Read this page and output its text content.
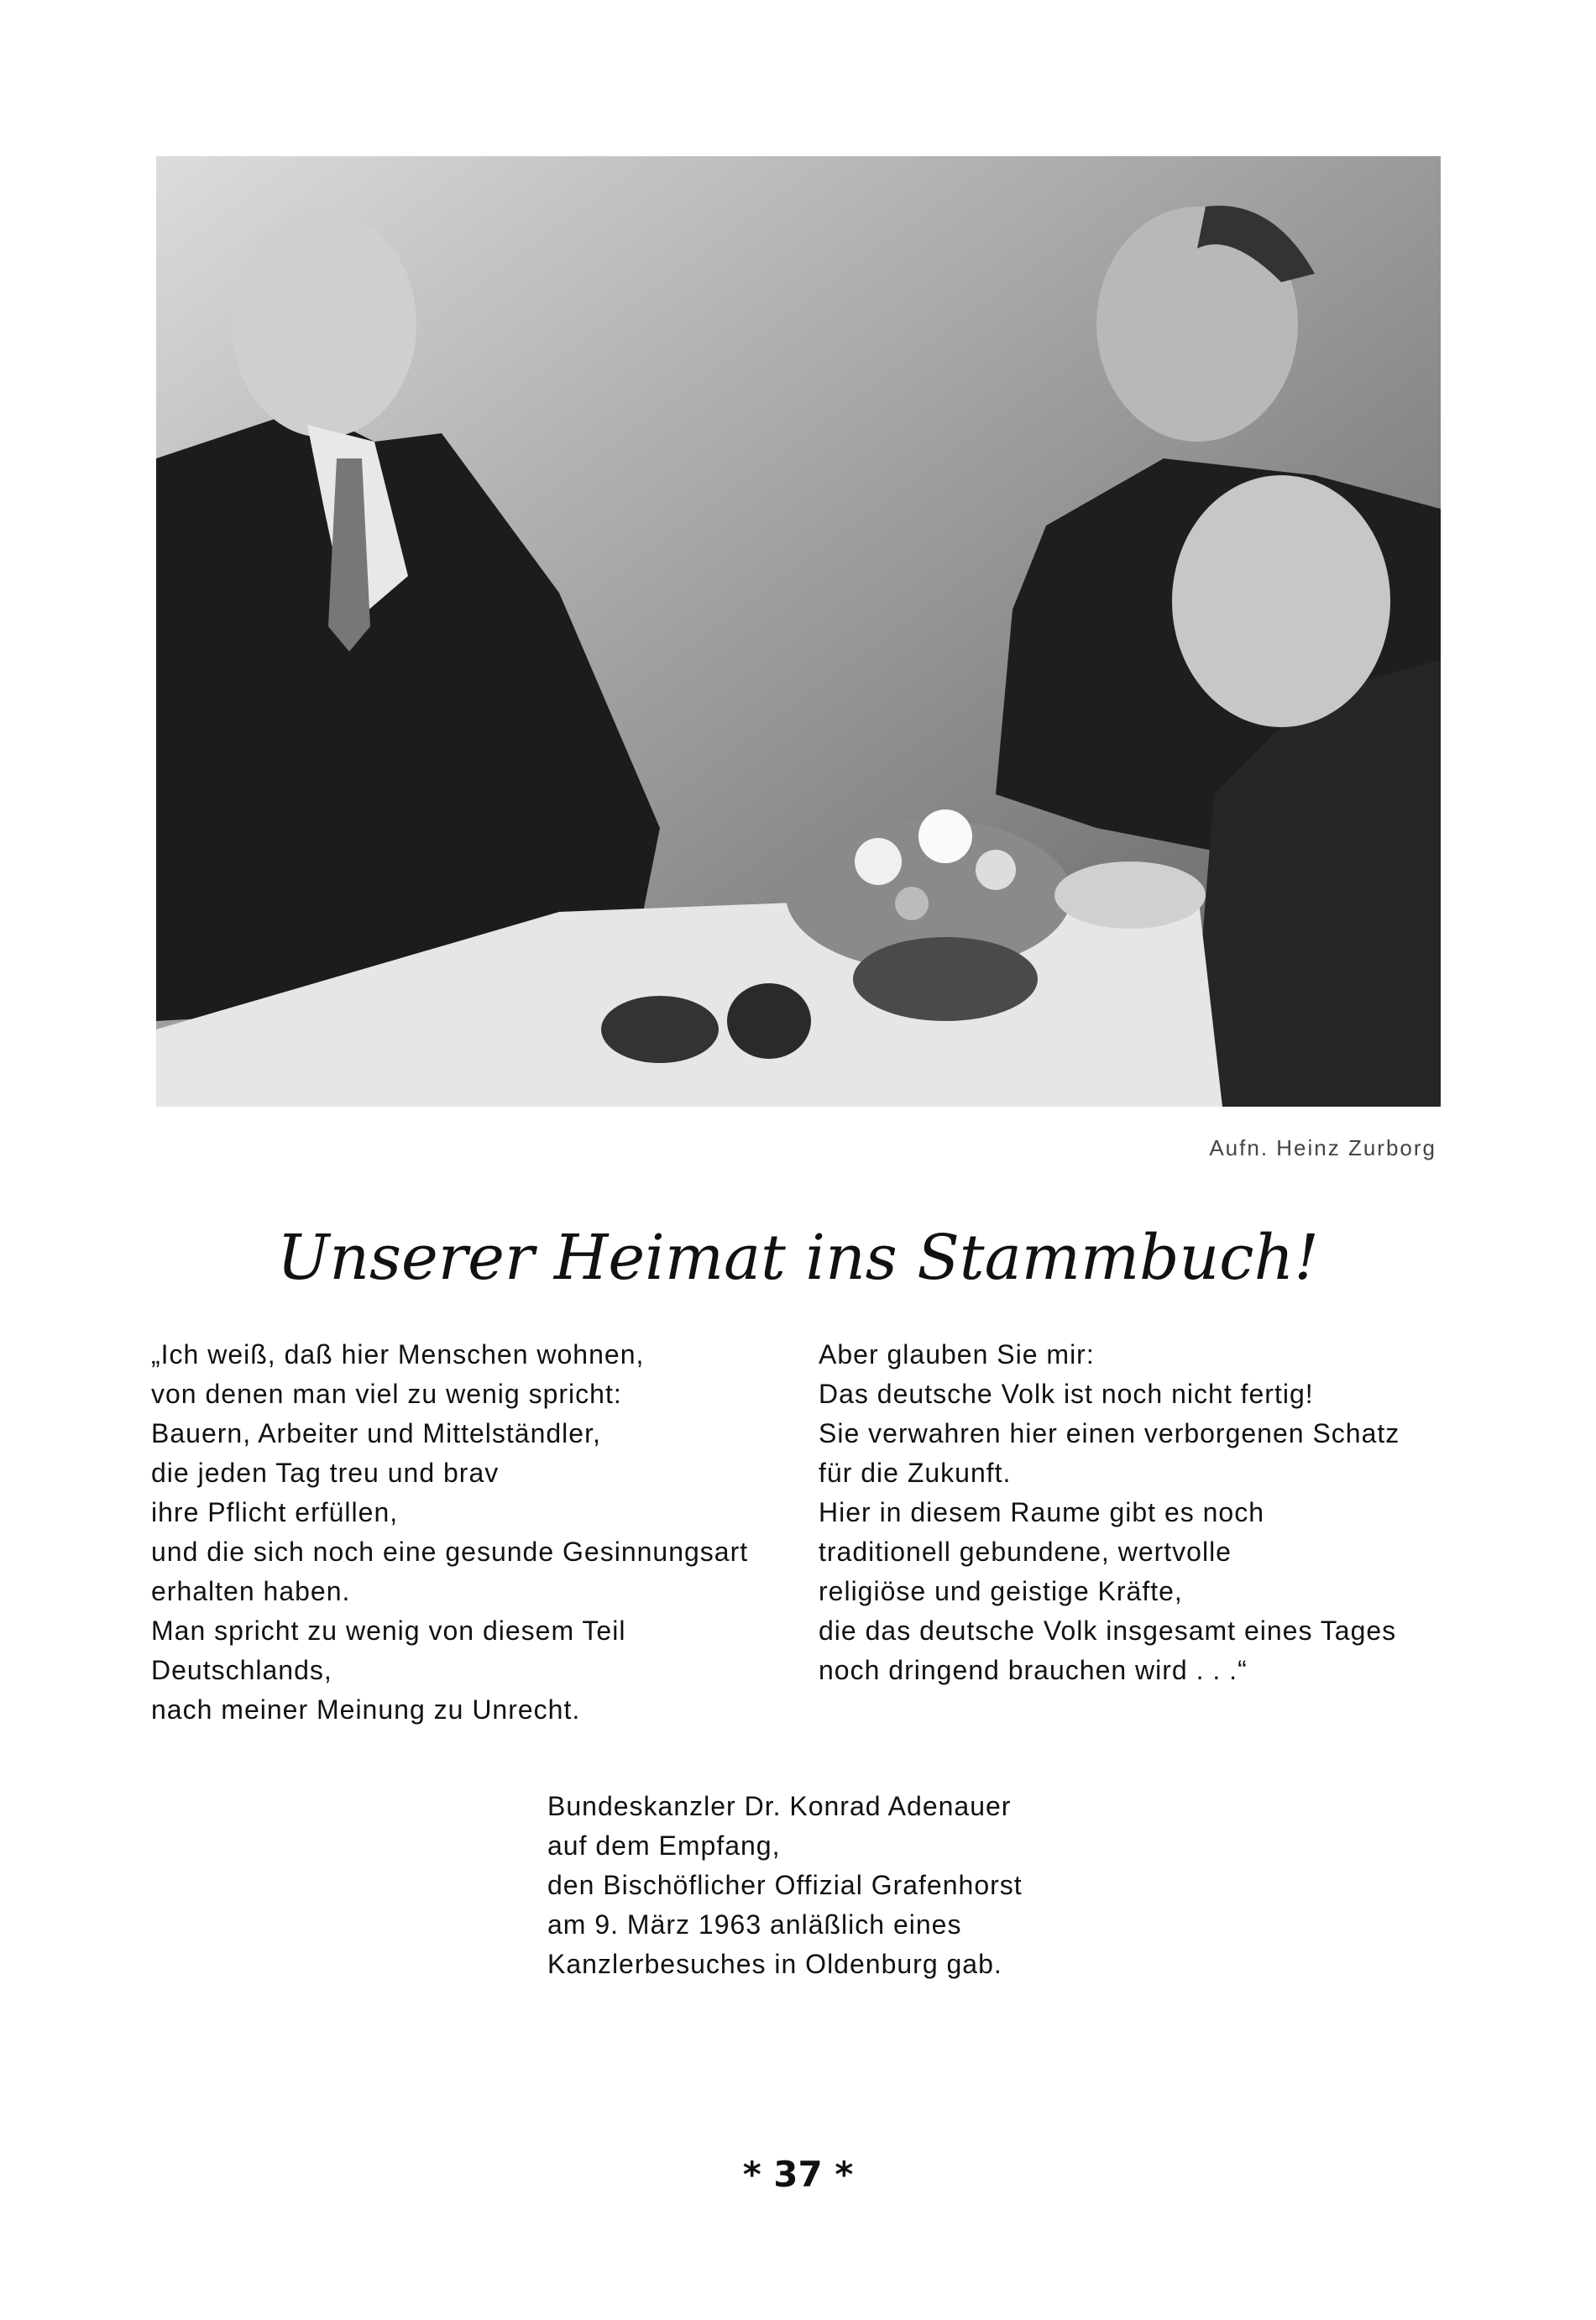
Aufn. Heinz Zurborg
Unserer Heimat ins Stammbuch!
„Ich weiß, daß hier Menschen wohnen,
von denen man viel zu wenig spricht:
Bauern, Arbeiter und Mittelständler,
die jeden Tag treu und brav
ihre Pflicht erfüllen,
und die sich noch eine gesunde Gesinnungsart
erhalten haben.
Man spricht zu wenig von diesem Teil
Deutschlands,
nach meiner Meinung zu Unrecht.
Aber glauben Sie mir:
Das deutsche Volk ist noch nicht fertig!
Sie verwahren hier einen verborgenen Schatz
für die Zukunft.
Hier in diesem Raume gibt es noch
traditionell gebundene, wertvolle
religiöse und geistige Kräfte,
die das deutsche Volk insgesamt eines Tages
noch dringend brauchen wird . . .“
Bundeskanzler Dr. Konrad Adenauer
auf dem Empfang,
den Bischöflicher Offizial Grafenhorst
am 9. März 1963 anläßlich eines
Kanzlerbesuches in Oldenburg gab.
* 37 *
